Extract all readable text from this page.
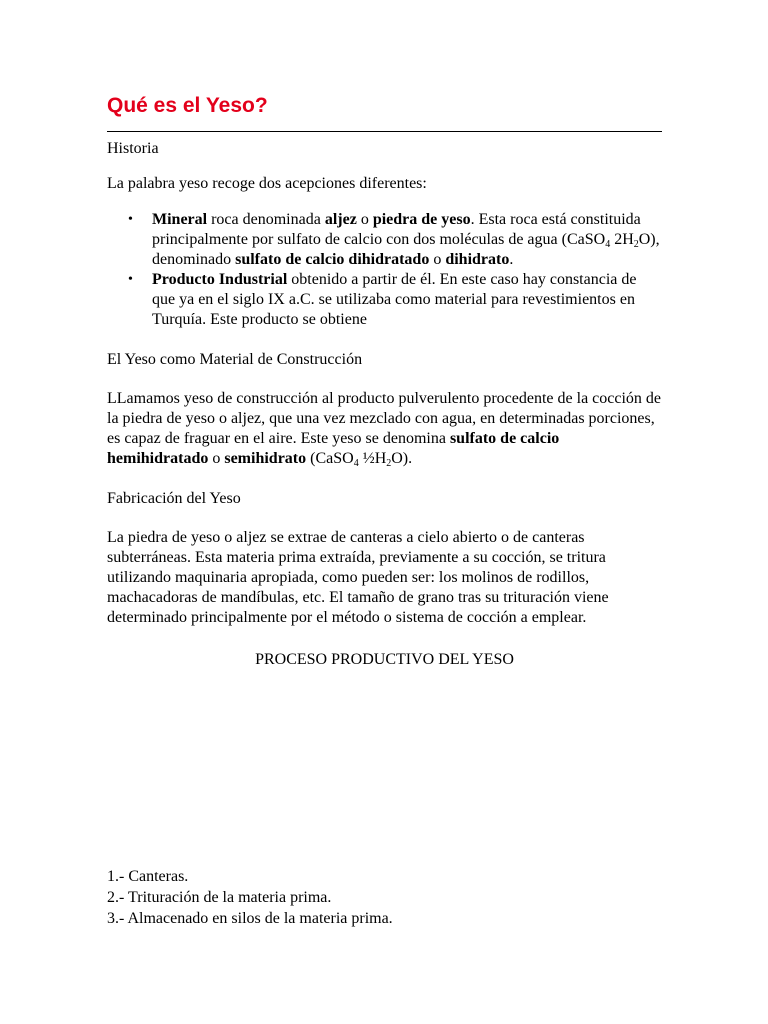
Qué es el Yeso?

Historia

La palabra yeso recoge dos acepciones diferentes:

• Mineral roca denominada aljez o piedra de yeso. Esta roca está constituida principalmente por sulfato de calcio con dos moléculas de agua (CaSO$_4$ $2H_2O$), denominado sulfato de calcio dihidratado o dihidrato.
• Producto Industrial obtenido a partir de él. En este caso hay constancia de que ya en el siglo IX a.C. se utilizaba como material para revestimientos en Turquía. Este producto se obtiene

El Yeso como Material de Construcción

LLamamos yeso de construcción al producto pulverulento procedente de la cocción de la piedra de yeso o aljez, que una vez mezclado con agua, en determinadas porciones, es capaz de fraguar en el aire. Este yeso se denomina sulfato de calcio hemihidratado o semihidrato (CaSO$_4$ $\frac{1}{2}H_2O$).

Fabricación del Yeso

La piedra de yeso o aljez se extrae de canteras a cielo abierto o de canteras subterráneas. Esta materia prima extraída, previamente a su cocción, se tritura utilizando maquinaria apropiada, como pueden ser: los molinos de rodillos, machacadoras de mandíbulas, etc. El tamaño de grano tras su trituración viene determinado principalmente por el método o sistema de cocción a emplear.

PROCESO PRODUCTIVO DEL YESO

1.- Canteras.

2.- Trituración de la materia prima.

3.- Almacenado en silos de la materia prima.
